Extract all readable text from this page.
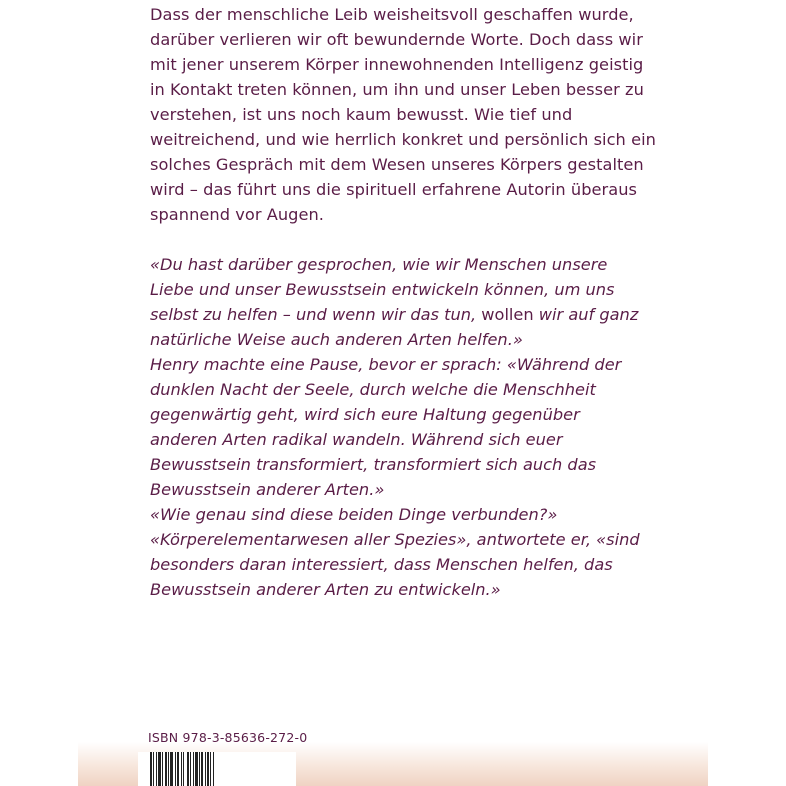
Dass der menschliche Leib weisheitsvoll geschaffen wurde,
darüber verlieren wir oft bewundernde Worte. Doch dass wir
mit jener unserem Körper innewohnenden Intelligenz geistig
in Kontakt treten können, um ihn und unser Leben besser zu
verstehen, ist uns noch kaum bewusst. Wie tief und
weitreichend, und wie herrlich konkret und persönlich sich ein
solches Gespräch mit dem Wesen unseres Körpers gestalten
wird – das führt uns die spirituell erfahrene Autorin überaus
spannend vor Augen.
«Du hast darüber gesprochen, wie wir Menschen unsere
Liebe und unser Bewusstsein entwickeln können, um uns
selbst zu helfen – und wenn wir das tun, wollen wir auf ganz
natürliche Weise auch anderen Arten helfen.»
Henry machte eine Pause, bevor er sprach: «Während der
dunklen Nacht der Seele, durch welche die Menschheit
gegenwärtig geht, wird sich eure Haltung gegenüber
anderen Arten radikal wandeln. Während sich euer
Bewusstsein transformiert, transformiert sich auch das
Bewusstsein anderer Arten.»
«Wie genau sind diese beiden Dinge verbunden?»
«Körperelementarwesen aller Spezies», antwortete er, «sind
besonders daran interessiert, dass Menschen helfen, das
Bewusstsein anderer Arten zu entwickeln.»
ISBN 978-3-85636-272-0
